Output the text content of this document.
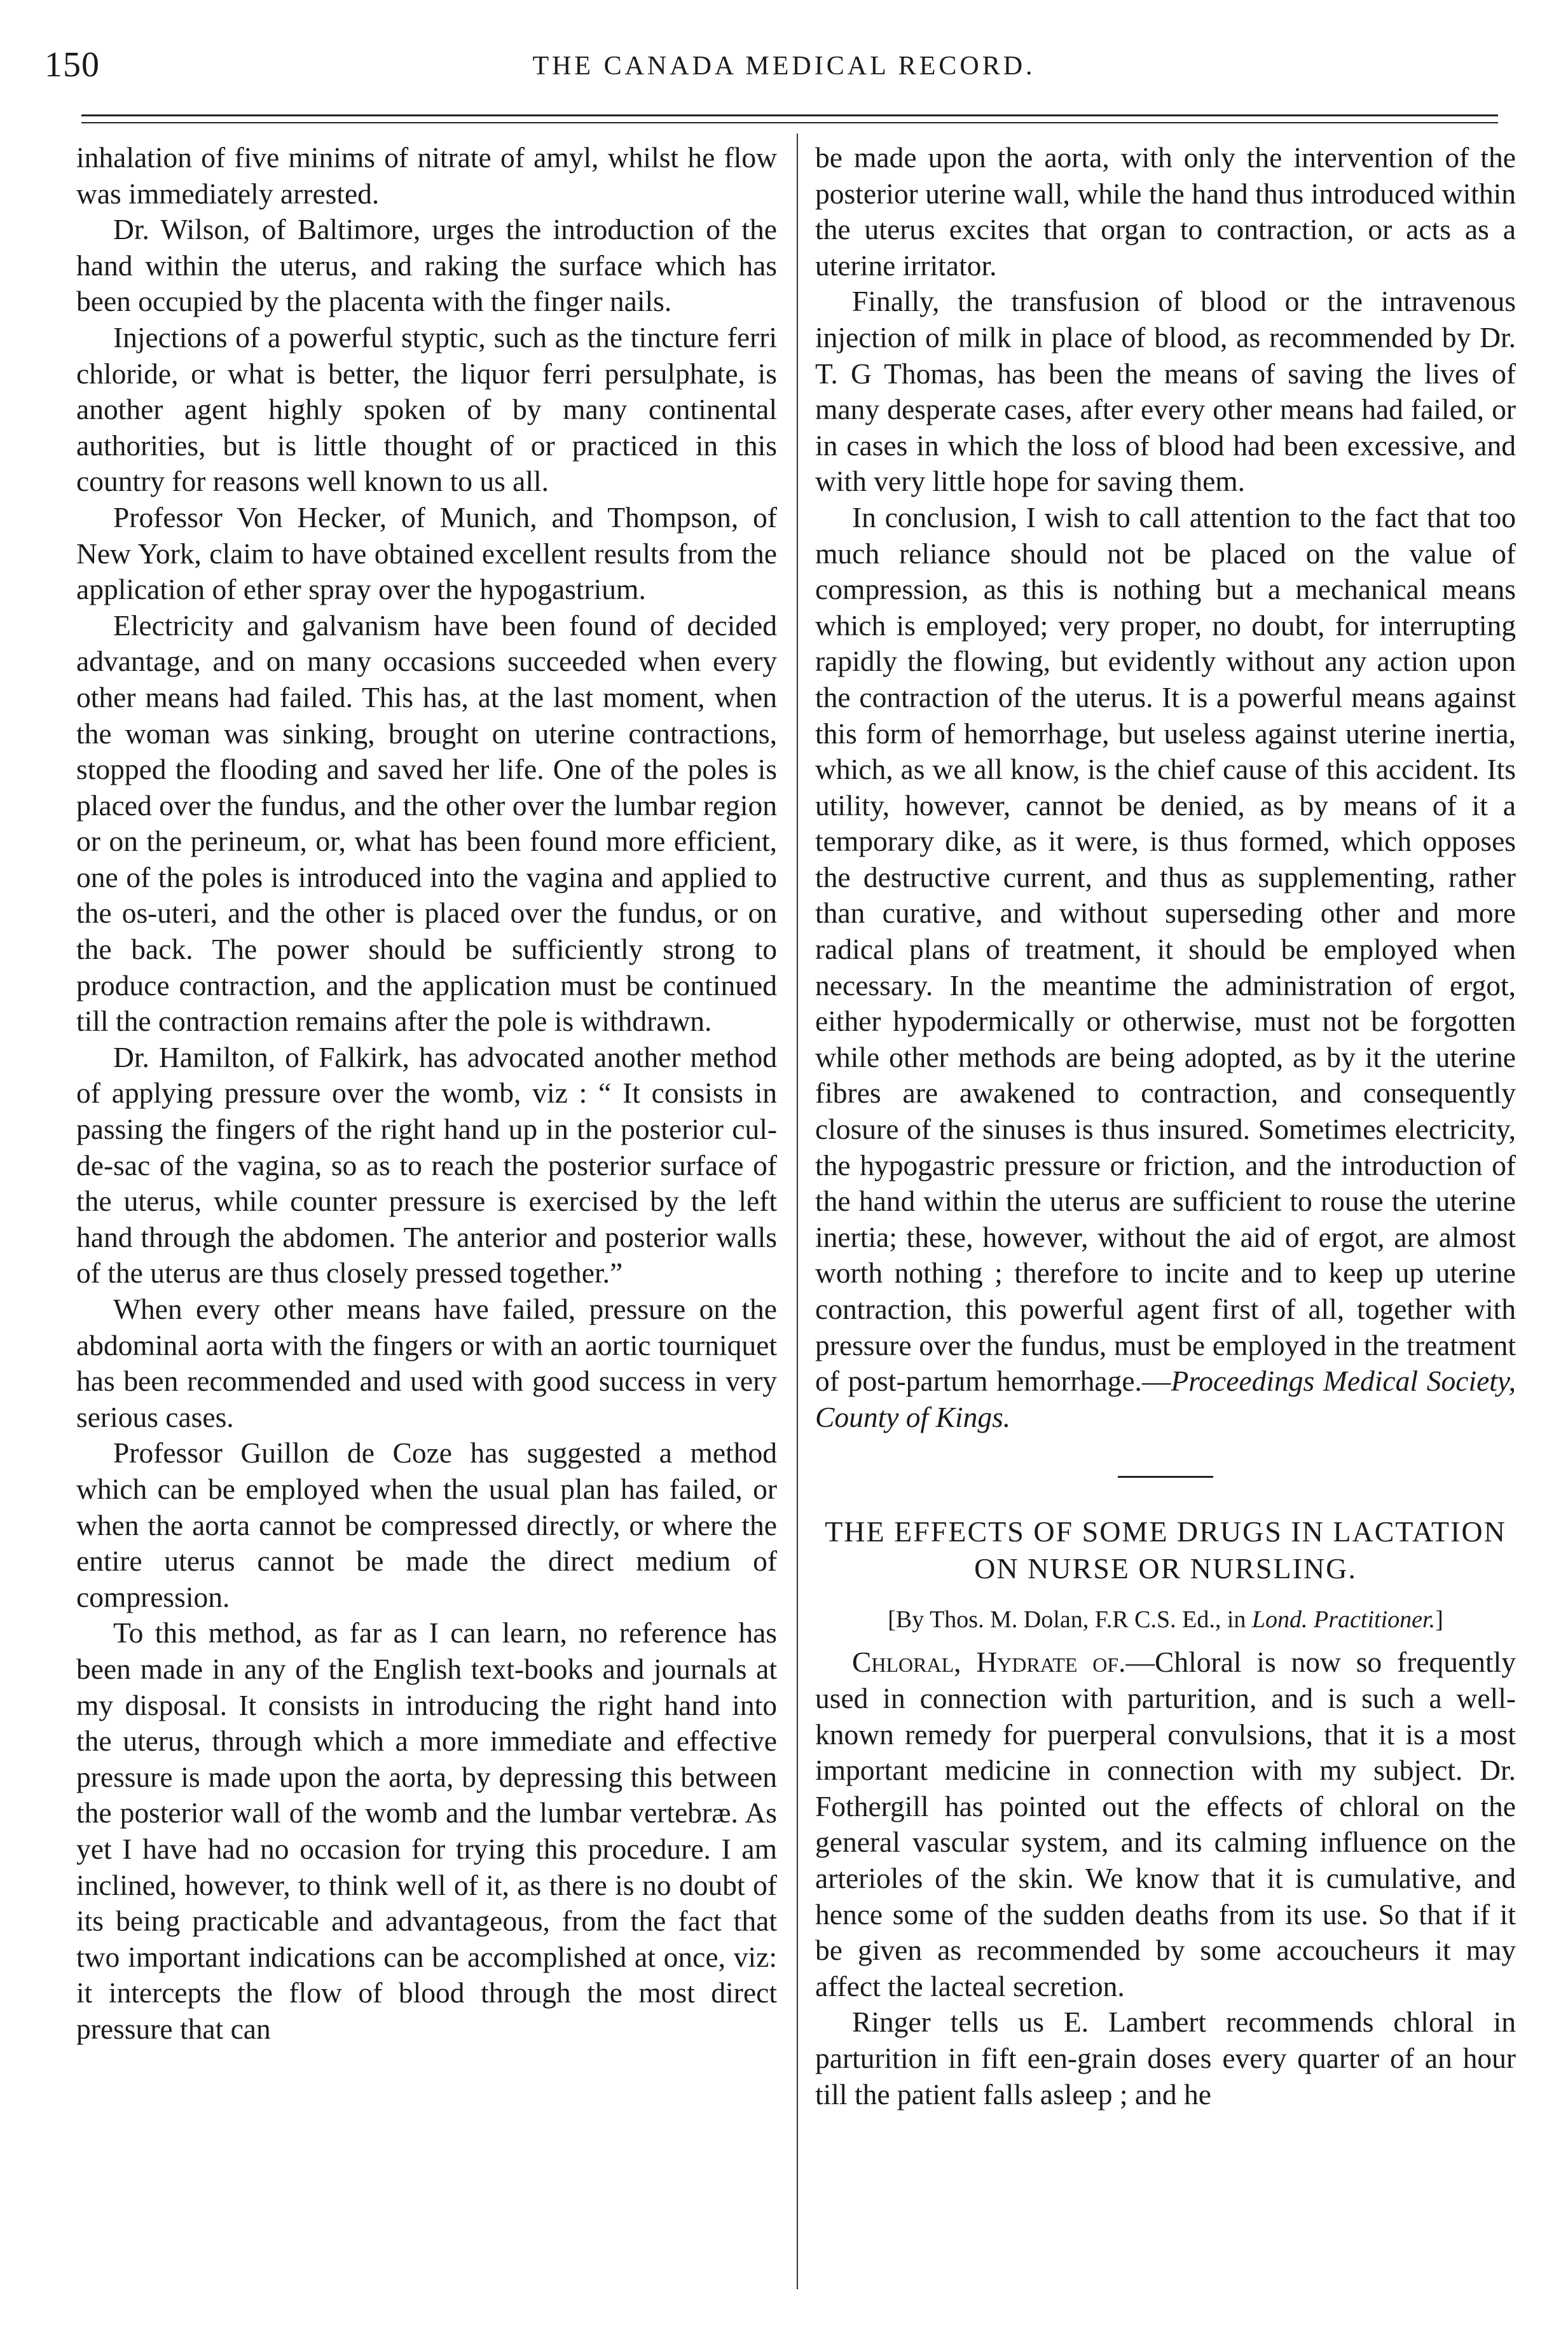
150	THE CANADA MEDICAL RECORD.

inhalation of five minims of nitrate of amyl, whilst he flow was immediately arrested.

Dr. Wilson, of Baltimore, urges the introduction of the hand within the uterus, and raking the surface which has been occupied by the placenta with the finger nails.

Injections of a powerful styptic, such as the tincture ferri chloride, or what is better, the liquor ferri persulphate, is another agent highly spoken of by many continental authorities, but is little thought of or practiced in this country for reasons well known to us all.

Professor Von Hecker, of Munich, and Thompson, of New York, claim to have obtained excellent results from the application of ether spray over the hypogastrium.

Electricity and galvanism have been found of decided advantage, and on many occasions succeeded when every other means had failed. This has, at the last moment, when the woman was sinking, brought on uterine contractions, stopped the flooding and saved her life. One of the poles is placed over the fundus, and the other over the lumbar region or on the perineum, or, what has been found more efficient, one of the poles is introduced into the vagina and applied to the os-uteri, and the other is placed over the fundus, or on the back. The power should be sufficiently strong to produce contraction, and the application must be continued till the contraction remains after the pole is withdrawn.

Dr. Hamilton, of Falkirk, has advocated another method of applying pressure over the womb, viz : “ It consists in passing the fingers of the right hand up in the posterior cul-de-sac of the vagina, so as to reach the posterior surface of the uterus, while counter pressure is exercised by the left hand through the abdomen. The anterior and posterior walls of the uterus are thus closely pressed together.”

When every other means have failed, pressure on the abdominal aorta with the fingers or with an aortic tourniquet has been recommended and used with good success in very serious cases.

Professor Guillon de Coze has suggested a method which can be employed when the usual plan has failed, or when the aorta cannot be compressed directly, or where the entire uterus cannot be made the direct medium of compression.

To this method, as far as I can learn, no reference has been made in any of the English text-books and journals at my disposal. It consists in introducing the right hand into the uterus, through which a more immediate and effective pressure is made upon the aorta, by depressing this between the posterior wall of the womb and the lumbar vertebræ. As yet I have had no occasion for trying this procedure. I am inclined, however, to think well of it, as there is no doubt of its being practicable and advantageous, from the fact that two important indications can be accomplished at once, viz: it intercepts the flow of blood through the most direct pressure that can

be made upon the aorta, with only the intervention of the posterior uterine wall, while the hand thus introduced within the uterus excites that organ to contraction, or acts as a uterine irritator.

Finally, the transfusion of blood or the intravenous injection of milk in place of blood, as recommended by Dr. T. G Thomas, has been the means of saving the lives of many desperate cases, after every other means had failed, or in cases in which the loss of blood had been excessive, and with very little hope for saving them.

In conclusion, I wish to call attention to the fact that too much reliance should not be placed on the value of compression, as this is nothing but a mechanical means which is employed; very proper, no doubt, for interrupting rapidly the flowing, but evidently without any action upon the contraction of the uterus. It is a powerful means against this form of hemorrhage, but useless against uterine inertia, which, as we all know, is the chief cause of this accident. Its utility, however, cannot be denied, as by means of it a temporary dike, as it were, is thus formed, which opposes the destructive current, and thus as supplementing, rather than curative, and without superseding other and more radical plans of treatment, it should be employed when necessary. In the meantime the administration of ergot, either hypodermically or otherwise, must not be forgotten while other methods are being adopted, as by it the uterine fibres are awakened to contraction, and consequently closure of the sinuses is thus insured. Sometimes electricity, the hypogastric pressure or friction, and the introduction of the hand within the uterus are sufficient to rouse the uterine inertia; these, however, without the aid of ergot, are almost worth nothing ; therefore to incite and to keep up uterine contraction, this powerful agent first of all, together with pressure over the fundus, must be employed in the treatment of post-partum hemorrhage.—Proceedings Medical Society, County of Kings.

THE EFFECTS OF SOME DRUGS IN LACTATION ON NURSE OR NURSLING.
[By Thos. M. Dolan, F.R C.S. Ed., in Lond. Practitioner.]

Chloral, Hydrate of.—Chloral is now so frequently used in connection with parturition, and is such a well-known remedy for puerperal convulsions, that it is a most important medicine in connection with my subject. Dr. Fothergill has pointed out the effects of chloral on the general vascular system, and its calming influence on the arterioles of the skin. We know that it is cumulative, and hence some of the sudden deaths from its use. So that if it be given as recommended by some accoucheurs it may affect the lacteal secretion.

Ringer tells us E. Lambert recommends chloral in parturition in fift een-grain doses every quarter of an hour till the patient falls asleep ; and he
